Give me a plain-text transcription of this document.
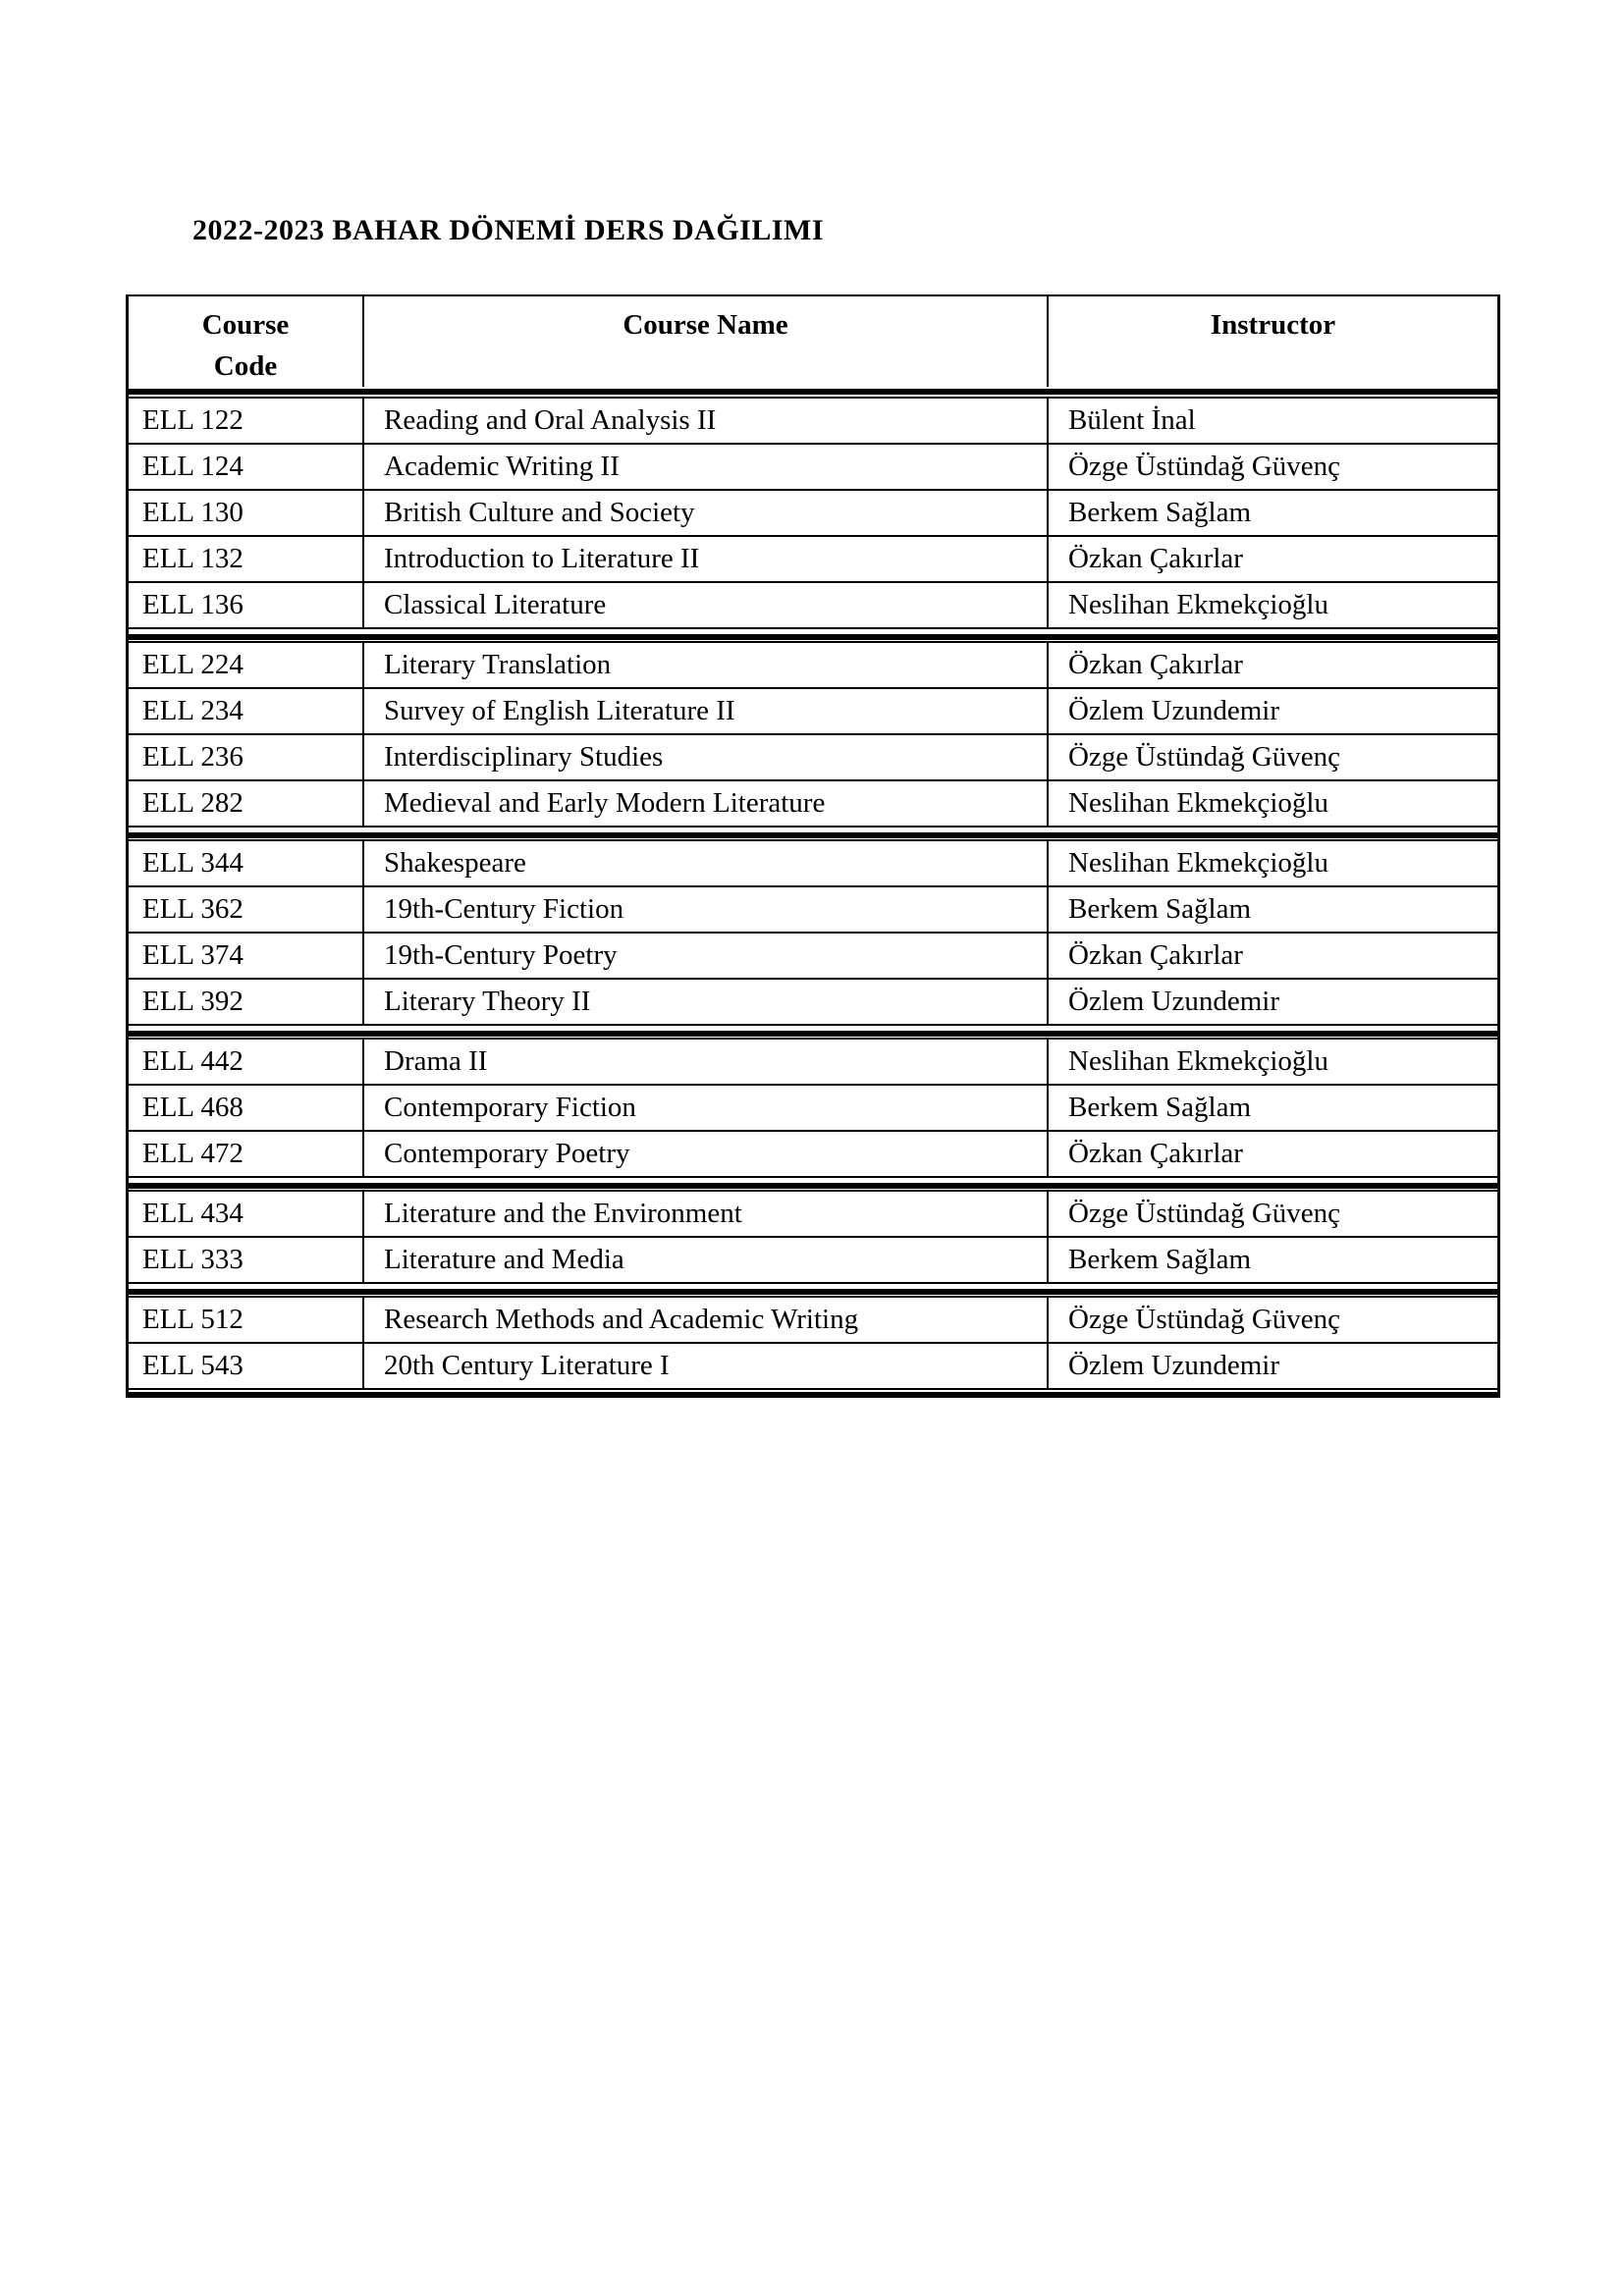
2022-2023 BAHAR DÖNEMİ DERS DAĞILIMI
Course
Code	Course Name	Instructor

ELL 122	Reading and Oral Analysis II	Bülent İnal
ELL 124	Academic Writing II	Özge Üstündağ Güvenç
ELL 130	British Culture and Society	Berkem Sağlam
ELL 132	Introduction to Literature II	Özkan Çakırlar
ELL 136	Classical Literature	Neslihan Ekmekçioğlu

ELL 224	Literary Translation	Özkan Çakırlar
ELL 234	Survey of English Literature II	Özlem Uzundemir
ELL 236	Interdisciplinary Studies	Özge Üstündağ Güvenç
ELL 282	Medieval and Early Modern Literature	Neslihan Ekmekçioğlu

ELL 344	Shakespeare	Neslihan Ekmekçioğlu
ELL 362	19th-Century Fiction	Berkem Sağlam
ELL 374	19th-Century Poetry	Özkan Çakırlar
ELL 392	Literary Theory II	Özlem Uzundemir

ELL 442	Drama II	Neslihan Ekmekçioğlu
ELL 468	Contemporary Fiction	Berkem Sağlam
ELL 472	Contemporary Poetry	Özkan Çakırlar

ELL 434	Literature and the Environment	Özge Üstündağ Güvenç
ELL 333	Literature and Media	Berkem Sağlam

ELL 512	Research Methods and Academic Writing	Özge Üstündağ Güvenç
ELL 543	20th Century Literature I	Özlem Uzundemir
